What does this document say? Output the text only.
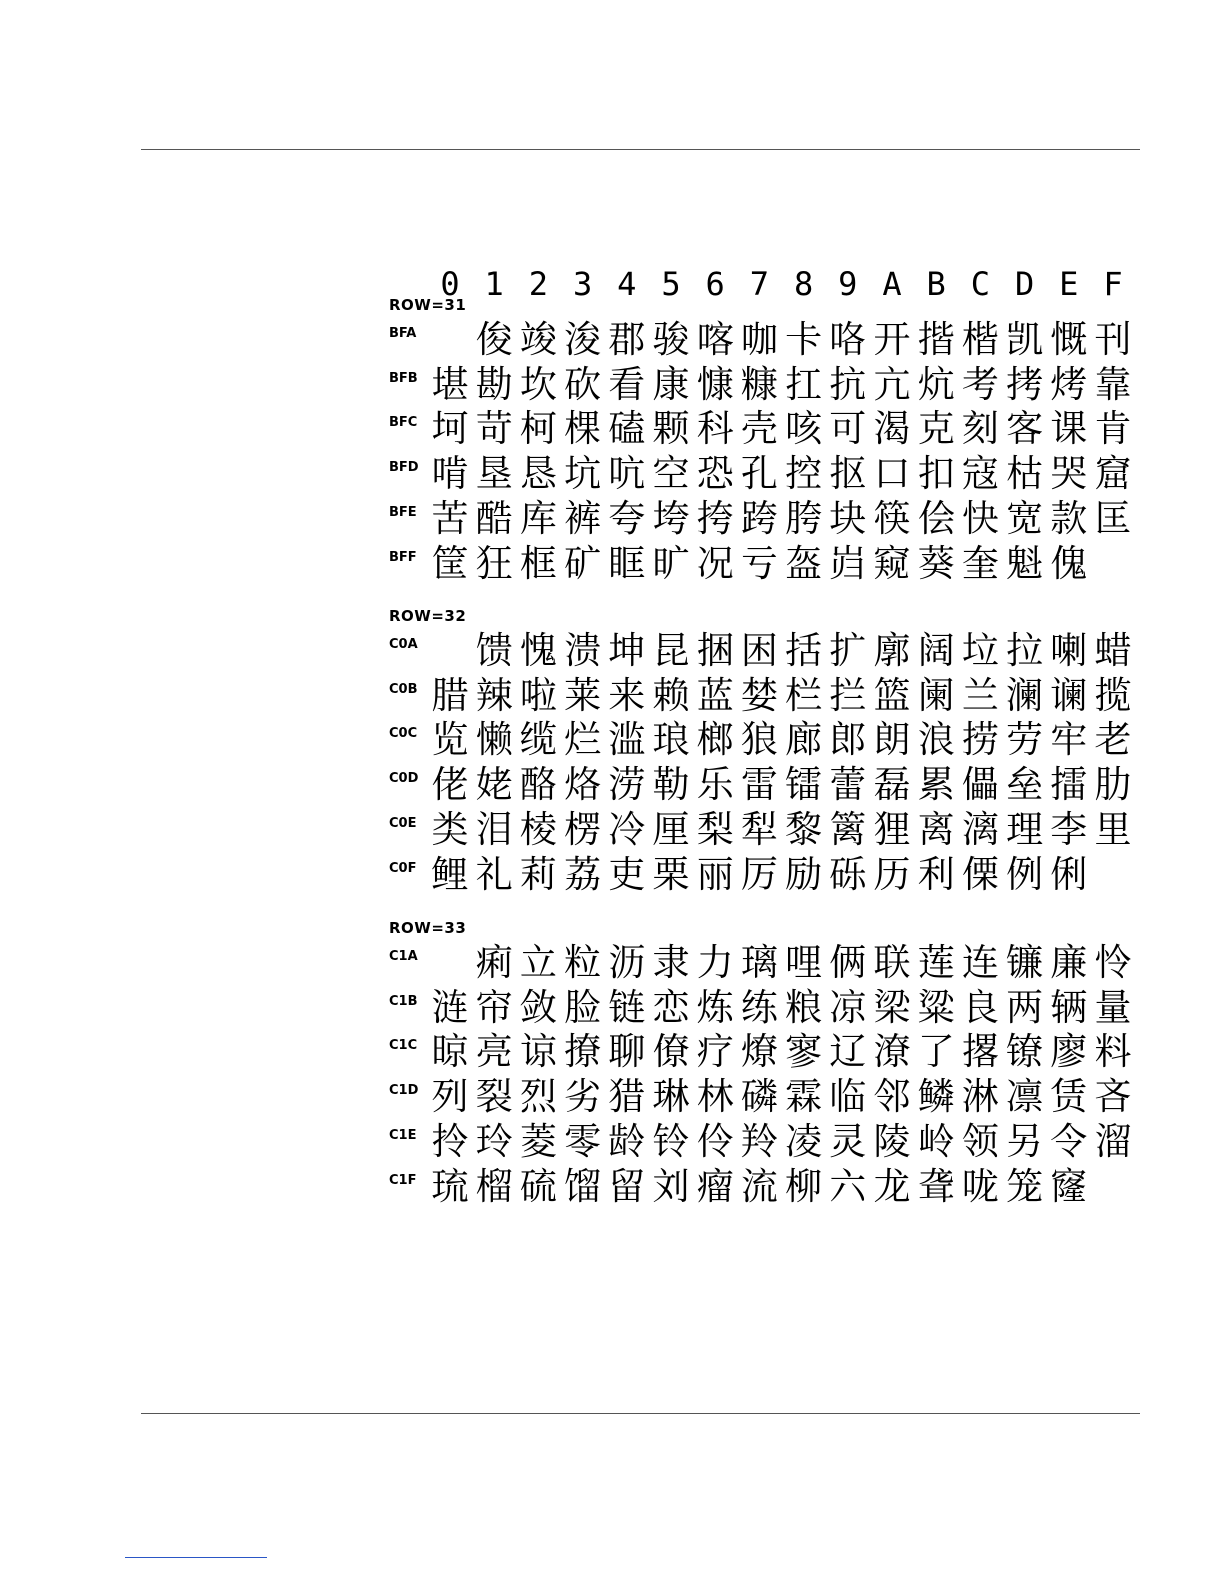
0 1 2 3 4 5 6 7 8 9 A B C D E F
ROW=31
BFA 俊 竣 浚 郡 骏 喀 咖 卡 咯 开 揩 楷 凯 慨 刊
BFB 堪 勘 坎 砍 看 康 慷 糠 扛 抗 亢 炕 考 拷 烤 靠
BFC 坷 苛 柯 棵 磕 颗 科 壳 咳 可 渴 克 刻 客 课 肯
BFD 啃 垦 恳 坑 吭 空 恐 孔 控 抠 口 扣 寇 枯 哭 窟
BFE 苦 酷 库 裤 夸 垮 挎 跨 胯 块 筷 侩 快 宽 款 匡
BFF 筐 狂 框 矿 眶 旷 况 亏 盔 岿 窥 葵 奎 魁 傀
ROW=32
C0A 馈 愧 溃 坤 昆 捆 困 括 扩 廓 阔 垃 拉 喇 蜡
C0B 腊 辣 啦 莱 来 赖 蓝 婪 栏 拦 篮 阑 兰 澜 谰 揽
C0C 览 懒 缆 烂 滥 琅 榔 狼 廊 郎 朗 浪 捞 劳 牢 老
C0D 佬 姥 酪 烙 涝 勒 乐 雷 镭 蕾 磊 累 儡 垒 擂 肋
C0E 类 泪 棱 楞 冷 厘 梨 犁 黎 篱 狸 离 漓 理 李 里
C0F 鲤 礼 莉 荔 吏 栗 丽 厉 励 砾 历 利 傈 例 俐
ROW=33
C1A 痢 立 粒 沥 隶 力 璃 哩 俩 联 莲 连 镰 廉 怜
C1B 涟 帘 敛 脸 链 恋 炼 练 粮 凉 梁 粱 良 两 辆 量
C1C 晾 亮 谅 撩 聊 僚 疗 燎 寥 辽 潦 了 撂 镣 廖 料
C1D 列 裂 烈 劣 猎 琳 林 磷 霖 临 邻 鳞 淋 凛 赁 吝
C1E 拎 玲 菱 零 龄 铃 伶 羚 凌 灵 陵 岭 领 另 令 溜
C1F 琉 榴 硫 馏 留 刘 瘤 流 柳 六 龙 聋 咙 笼 窿
